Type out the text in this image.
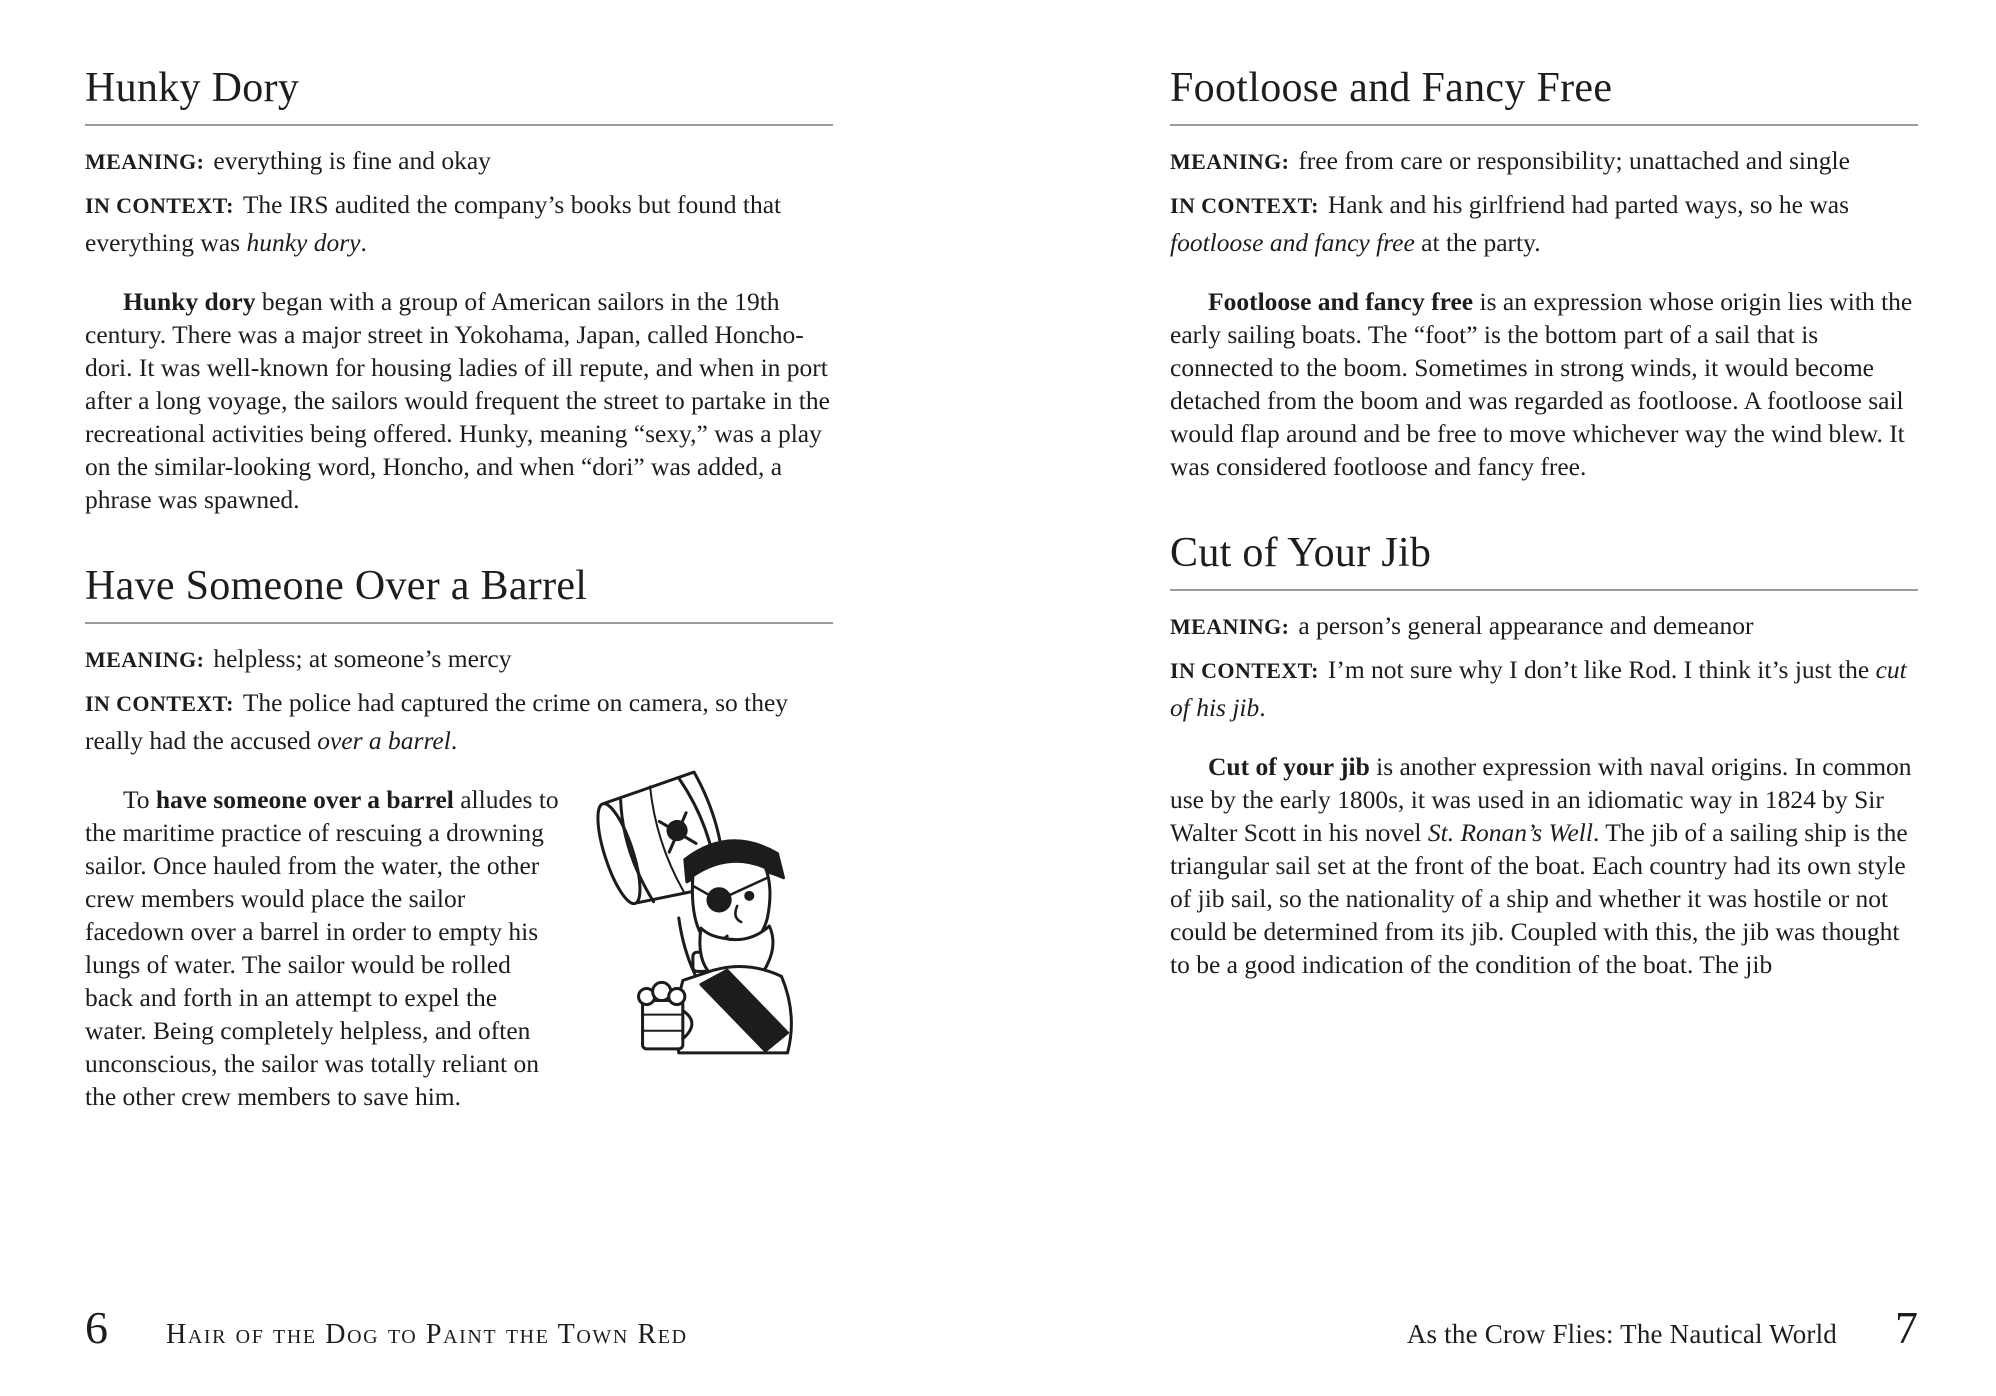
Hunky Dory

MEANING: everything is fine and okay

IN CONTEXT: The IRS audited the company’s books but found that everything was hunky dory.

Hunky dory began with a group of American sailors in the 19th century. There was a major street in Yokohama, Japan, called Honcho-dori. It was well-known for housing ladies of ill repute, and when in port after a long voyage, the sailors would frequent the street to partake in the recreational activities being offered. Hunky, meaning “sexy,” was a play on the similar-looking word, Honcho, and when “dori” was added, a phrase was spawned.

Have Someone Over a Barrel

MEANING: helpless; at someone’s mercy

IN CONTEXT: The police had captured the crime on camera, so they really had the accused over a barrel.

To have someone over a barrel alludes to the maritime practice of rescuing a drowning sailor. Once hauled from the water, the other crew members would place the sailor facedown over a barrel in order to empty his lungs of water. The sailor would be rolled back and forth in an attempt to expel the water. Being completely helpless, and often unconscious, the sailor was totally reliant on the other crew members to save him.

Footloose and Fancy Free

MEANING: free from care or responsibility; unattached and single

IN CONTEXT: Hank and his girlfriend had parted ways, so he was footloose and fancy free at the party.

Footloose and fancy free is an expression whose origin lies with the early sailing boats. The “foot” is the bottom part of a sail that is connected to the boom. Sometimes in strong winds, it would become detached from the boom and was regarded as footloose. A footloose sail would flap around and be free to move whichever way the wind blew. It was considered footloose and fancy free.

Cut of Your Jib

MEANING: a person’s general appearance and demeanor

IN CONTEXT: I’m not sure why I don’t like Rod. I think it’s just the cut of his jib.

Cut of your jib is another expression with naval origins. In common use by the early 1800s, it was used in an idiomatic way in 1824 by Sir Walter Scott in his novel St. Ronan’s Well. The jib of a sailing ship is the triangular sail set at the front of the boat. Each country had its own style of jib sail, so the nationality of a ship and whether it was hostile or not could be determined from its jib. Coupled with this, the jib was thought to be a good indication of the condition of the boat. The jib

6 Hair of the Dog to Paint the Town Red	As the Crow Flies: The Nautical World 7
